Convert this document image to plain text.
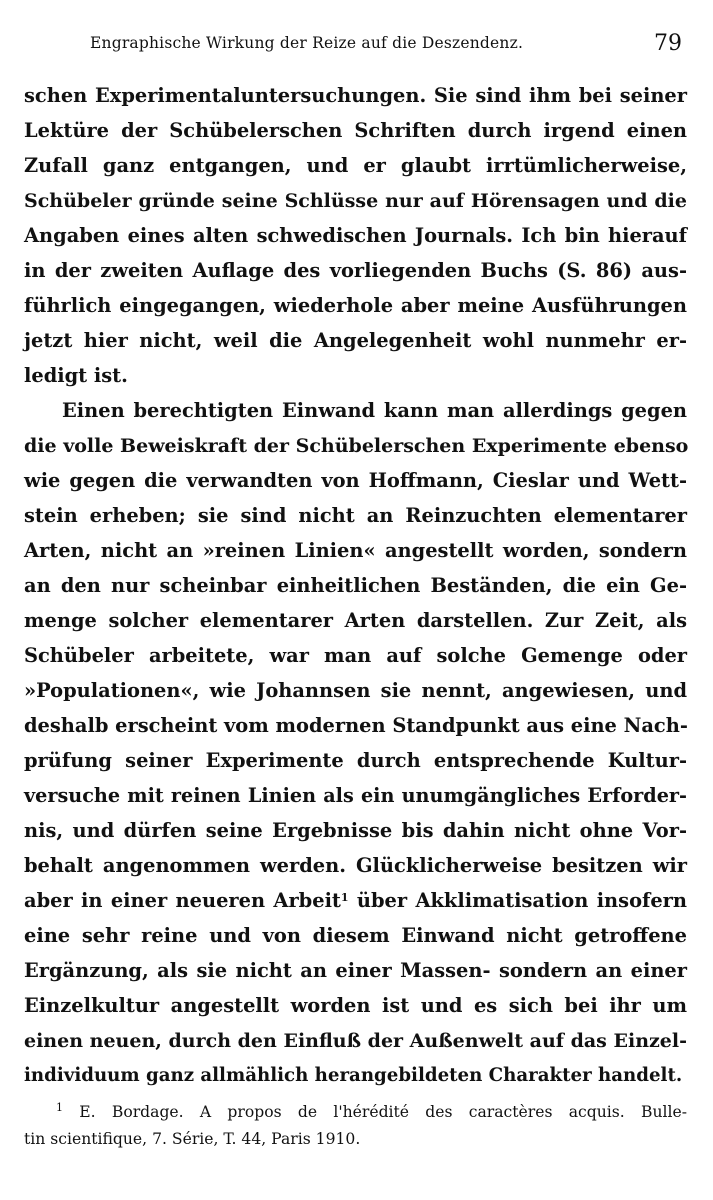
Engraphische Wirkung der Reize auf die Deszendenz.	79
schen Experimentaluntersuchungen. Sie sind ihm bei seiner
Lektüre der Schübelerschen Schriften durch irgend einen
Zufall ganz entgangen, und er glaubt irrtümlicherweise,
Schübeler gründe seine Schlüsse nur auf Hörensagen und die
Angaben eines alten schwedischen Journals. Ich bin hierauf
in der zweiten Auflage des vorliegenden Buchs (S. 86) aus-
führlich eingegangen, wiederhole aber meine Ausführungen
jetzt hier nicht, weil die Angelegenheit wohl nunmehr er-
ledigt ist.
Einen berechtigten Einwand kann man allerdings gegen
die volle Beweiskraft der Schübelerschen Experimente ebenso
wie gegen die verwandten von Hoffmann, Cieslar und Wett-
stein erheben; sie sind nicht an Reinzuchten elementarer
Arten, nicht an »reinen Linien« angestellt worden, sondern
an den nur scheinbar einheitlichen Beständen, die ein Ge-
menge solcher elementarer Arten darstellen. Zur Zeit, als
Schübeler arbeitete, war man auf solche Gemenge oder
»Populationen«, wie Johannsen sie nennt, angewiesen, und
deshalb erscheint vom modernen Standpunkt aus eine Nach-
prüfung seiner Experimente durch entsprechende Kultur-
versuche mit reinen Linien als ein unumgängliches Erforder-
nis, und dürfen seine Ergebnisse bis dahin nicht ohne Vor-
behalt angenommen werden. Glücklicherweise besitzen wir
aber in einer neueren Arbeit$^1$ über Akklimatisation insofern
eine sehr reine und von diesem Einwand nicht getroffene
Ergänzung, als sie nicht an einer Massen- sondern an einer
Einzelkultur angestellt worden ist und es sich bei ihr um
einen neuen, durch den Einfluß der Außenwelt auf das Einzel-
individuum ganz allmählich herangebildeten Charakter handelt.
$^1$ E. Bordage. A propos de l'hérédité des caractères acquis. Bulle-
tin scientifique, 7. Série, T. 44, Paris 1910.
